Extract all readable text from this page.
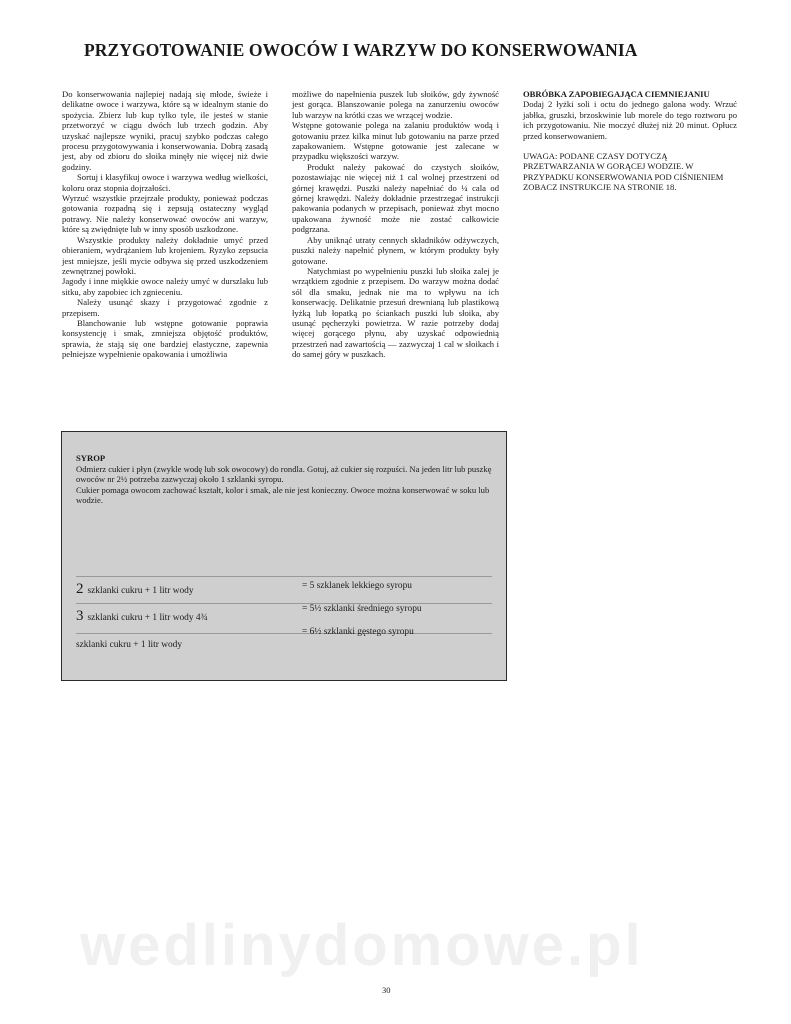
PRZYGOTOWANIE OWOCÓW I WARZYW DO KONSERWOWANIA

Do konserwowania najlepiej nadają się młode, świeże i delikatne owoce i warzywa, które są w idealnym stanie do spożycia. Zbierz lub kup tylko tyle, ile jesteś w stanie przetworzyć w ciągu dwóch lub trzech godzin. Aby uzyskać najlepsze wyniki, pracuj szybko podczas całego procesu przygotowywania i konserwowania. Dobrą zasadą jest, aby od zbioru do słoika minęły nie więcej niż dwie godziny.

Sortuj i klasyfikuj owoce i warzywa według wielkości, koloru oraz stopnia dojrzałości.

Wyrzuć wszystkie przejrzałe produkty, ponieważ podczas gotowania rozpadną się i zepsują ostateczny wygląd potrawy. Nie należy konserwować owoców ani warzyw, które są zwiędnięte lub w inny sposób uszkodzone.

Wszystkie produkty należy dokładnie umyć przed obieraniem, wydrążaniem lub krojeniem. Ryzyko zepsucia jest mniejsze, jeśli mycie odbywa się przed uszkodzeniem zewnętrznej powłoki.

Jagody i inne miękkie owoce należy umyć w durszlaku lub sitku, aby zapobiec ich zgnieceniu.

Należy usunąć skazy i przygotować zgodnie z przepisem.

Blanchowanie lub wstępne gotowanie poprawia konsystencję i smak, zmniejsza objętość produktów, sprawia, że stają się one bardziej elastyczne, zapewnia pełniejsze wypełnienie opakowania i umożliwia

możliwe do napełnienia puszek lub słoików, gdy żywność jest gorąca. Blanszowanie polega na zanurzeniu owoców lub warzyw na krótki czas we wrzącej wodzie.

Wstępne gotowanie polega na zalaniu produktów wodą i gotowaniu przez kilka minut lub gotowaniu na parze przed zapakowaniem. Wstępne gotowanie jest zalecane w przypadku większości warzyw.

Produkt należy pakować do czystych słoików, pozostawiając nie więcej niż 1 cal wolnej przestrzeni od górnej krawędzi. Puszki należy napełniać do ¼ cala od górnej krawędzi. Należy dokładnie przestrzegać instrukcji pakowania podanych w przepisach, ponieważ zbyt mocno upakowana żywność może nie zostać całkowicie podgrzana.

Aby uniknąć utraty cennych składników odżywczych, puszki należy napełnić płynem, w którym produkty były gotowane.

Natychmiast po wypełnieniu puszki lub słoika zalej je wrzątkiem zgodnie z przepisem. Do warzyw można dodać sól dla smaku, jednak nie ma to wpływu na ich konserwację. Delikatnie przesuń drewnianą lub plastikową łyżką lub łopatką po ściankach puszki lub słoika, aby usunąć pęcherzyki powietrza. W razie potrzeby dodaj więcej gorącego płynu, aby uzyskać odpowiednią przestrzeń nad zawartością — zazwyczaj 1 cal w słoikach i do samej góry w puszkach.

OBRÓBKA ZAPOBIEGAJĄCA CIEMNIEJANIU

Dodaj 2 łyżki soli i octu do jednego galona wody. Wrzuć jabłka, gruszki, brzoskwinie lub morele do tego roztworu po ich przygotowaniu. Nie moczyć dłużej niż 20 minut. Opłucz przed konserwowaniem.

UWAGA: PODANE CZASY DOTYCZĄ PRZETWARZANIA W GORĄCEJ WODZIE. W PRZYPADKU KONSERWOWANIA POD CIŚNIENIEM ZOBACZ INSTRUKCJE NA STRONIE 18.

SYROP

Odmierz cukier i płyn (zwykle wodę lub sok owocowy) do rondla. Gotuj, aż cukier się rozpuści. Na jeden litr lub puszkę owoców nr 2½ potrzeba zazwyczaj około 1 szklanki syropu.

Cukier pomaga owocom zachować kształt, kolor i smak, ale nie jest konieczny. Owoce można konserwować w soku lub wodzie.

2 szklanki cukru + 1 litr wody	= 5 szklanek lekkiego syropu
3 szklanki cukru + 1 litr wody 4¾
= 5½ szklanki średniego syropu
szklanki cukru + 1 litr wody
= 6½ szklanki gęstego syropu
wedlinydomowe.pl
30
